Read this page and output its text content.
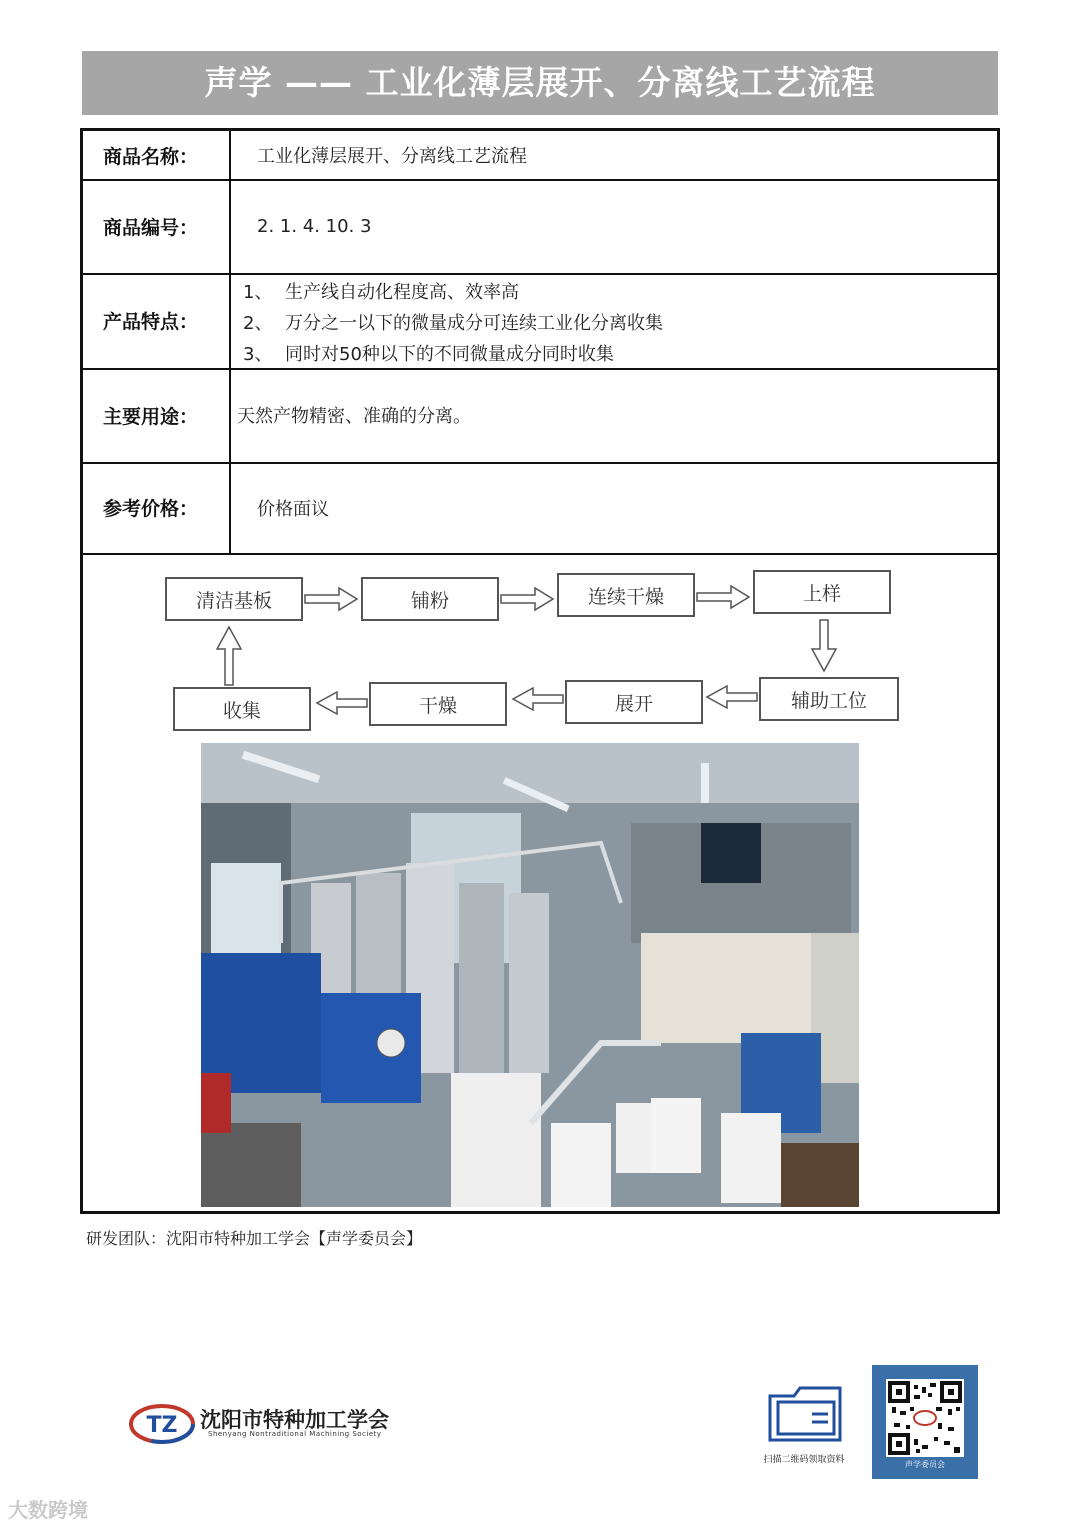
声学 —— 工业化薄层展开、分离线工艺流程
商品名称：	工业化薄层展开、分离线工艺流程
商品编号：	2. 1. 4. 10. 3
产品特点：
1、 生产线自动化程度高、效率高
2、 万分之一以下的微量成分可连续工业化分离收集
3、 同时对50种以下的不同微量成分同时收集
主要用途：	天然产物精密、准确的分离。
参考价格：	价格面议
清洁基板	铺粉	连续干燥	上样
辅助工位
展开
干燥
收集
研发团队：沈阳市特种加工学会【声学委员会】
TZ 沈阳市特种加工学会
Shenyang Nontraditional Machining Society
扫描二维码领取资料	声学委员会
大数跨境
